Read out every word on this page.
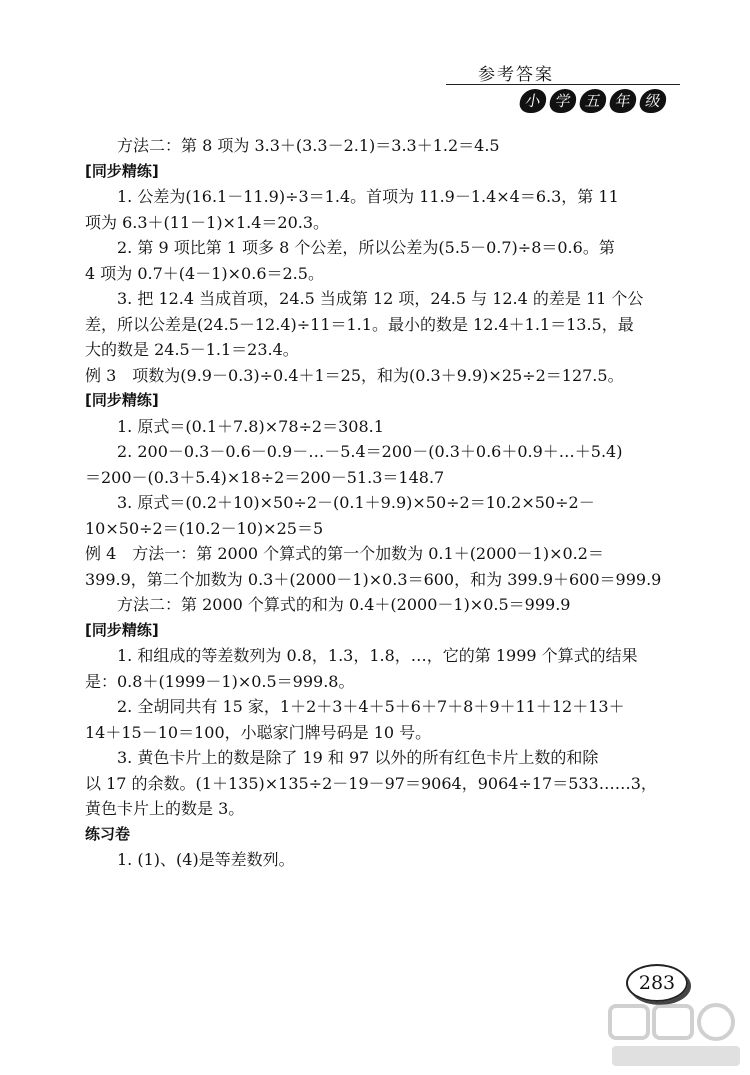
参考答案
小 学 五 年 级
方法二：第 8 项为 3.3＋(3.3－2.1)＝3.3＋1.2＝4.5
[同步精练]
1. 公差为(16.1－11.9)÷3＝1.4。首项为 11.9－1.4×4＝6.3，第 11
项为 6.3＋(11－1)×1.4＝20.3。
2. 第 9 项比第 1 项多 8 个公差，所以公差为(5.5－0.7)÷8＝0.6。第
4 项为 0.7＋(4－1)×0.6＝2.5。
3. 把 12.4 当成首项，24.5 当成第 12 项，24.5 与 12.4 的差是 11 个公
差，所以公差是(24.5－12.4)÷11＝1.1。最小的数是 12.4＋1.1＝13.5，最
大的数是 24.5－1.1＝23.4。
例 3　项数为(9.9－0.3)÷0.4＋1＝25，和为(0.3＋9.9)×25÷2＝127.5。
[同步精练]
1. 原式＝(0.1＋7.8)×78÷2＝308.1
2. 200－0.3－0.6－0.9－…－5.4＝200－(0.3＋0.6＋0.9＋…＋5.4)
＝200－(0.3＋5.4)×18÷2＝200－51.3＝148.7
3. 原式＝(0.2＋10)×50÷2－(0.1＋9.9)×50÷2＝10.2×50÷2－
10×50÷2＝(10.2－10)×25＝5
例 4　方法一：第 2000 个算式的第一个加数为 0.1＋(2000－1)×0.2＝
399.9，第二个加数为 0.3＋(2000－1)×0.3＝600，和为 399.9＋600＝999.9
方法二：第 2000 个算式的和为 0.4＋(2000－1)×0.5＝999.9
[同步精练]
1. 和组成的等差数列为 0.8，1.3，1.8，…，它的第 1999 个算式的结果
是：0.8＋(1999－1)×0.5＝999.8。
2. 全胡同共有 15 家，1＋2＋3＋4＋5＋6＋7＋8＋9＋11＋12＋13＋
14＋15－10＝100，小聪家门牌号码是 10 号。
3. 黄色卡片上的数是除了 19 和 97 以外的所有红色卡片上数的和除
以 17 的余数。(1＋135)×135÷2－19－97＝9064，9064÷17＝533……3，
黄色卡片上的数是 3。
练习卷
1. (1)、(4)是等差数列。
283
